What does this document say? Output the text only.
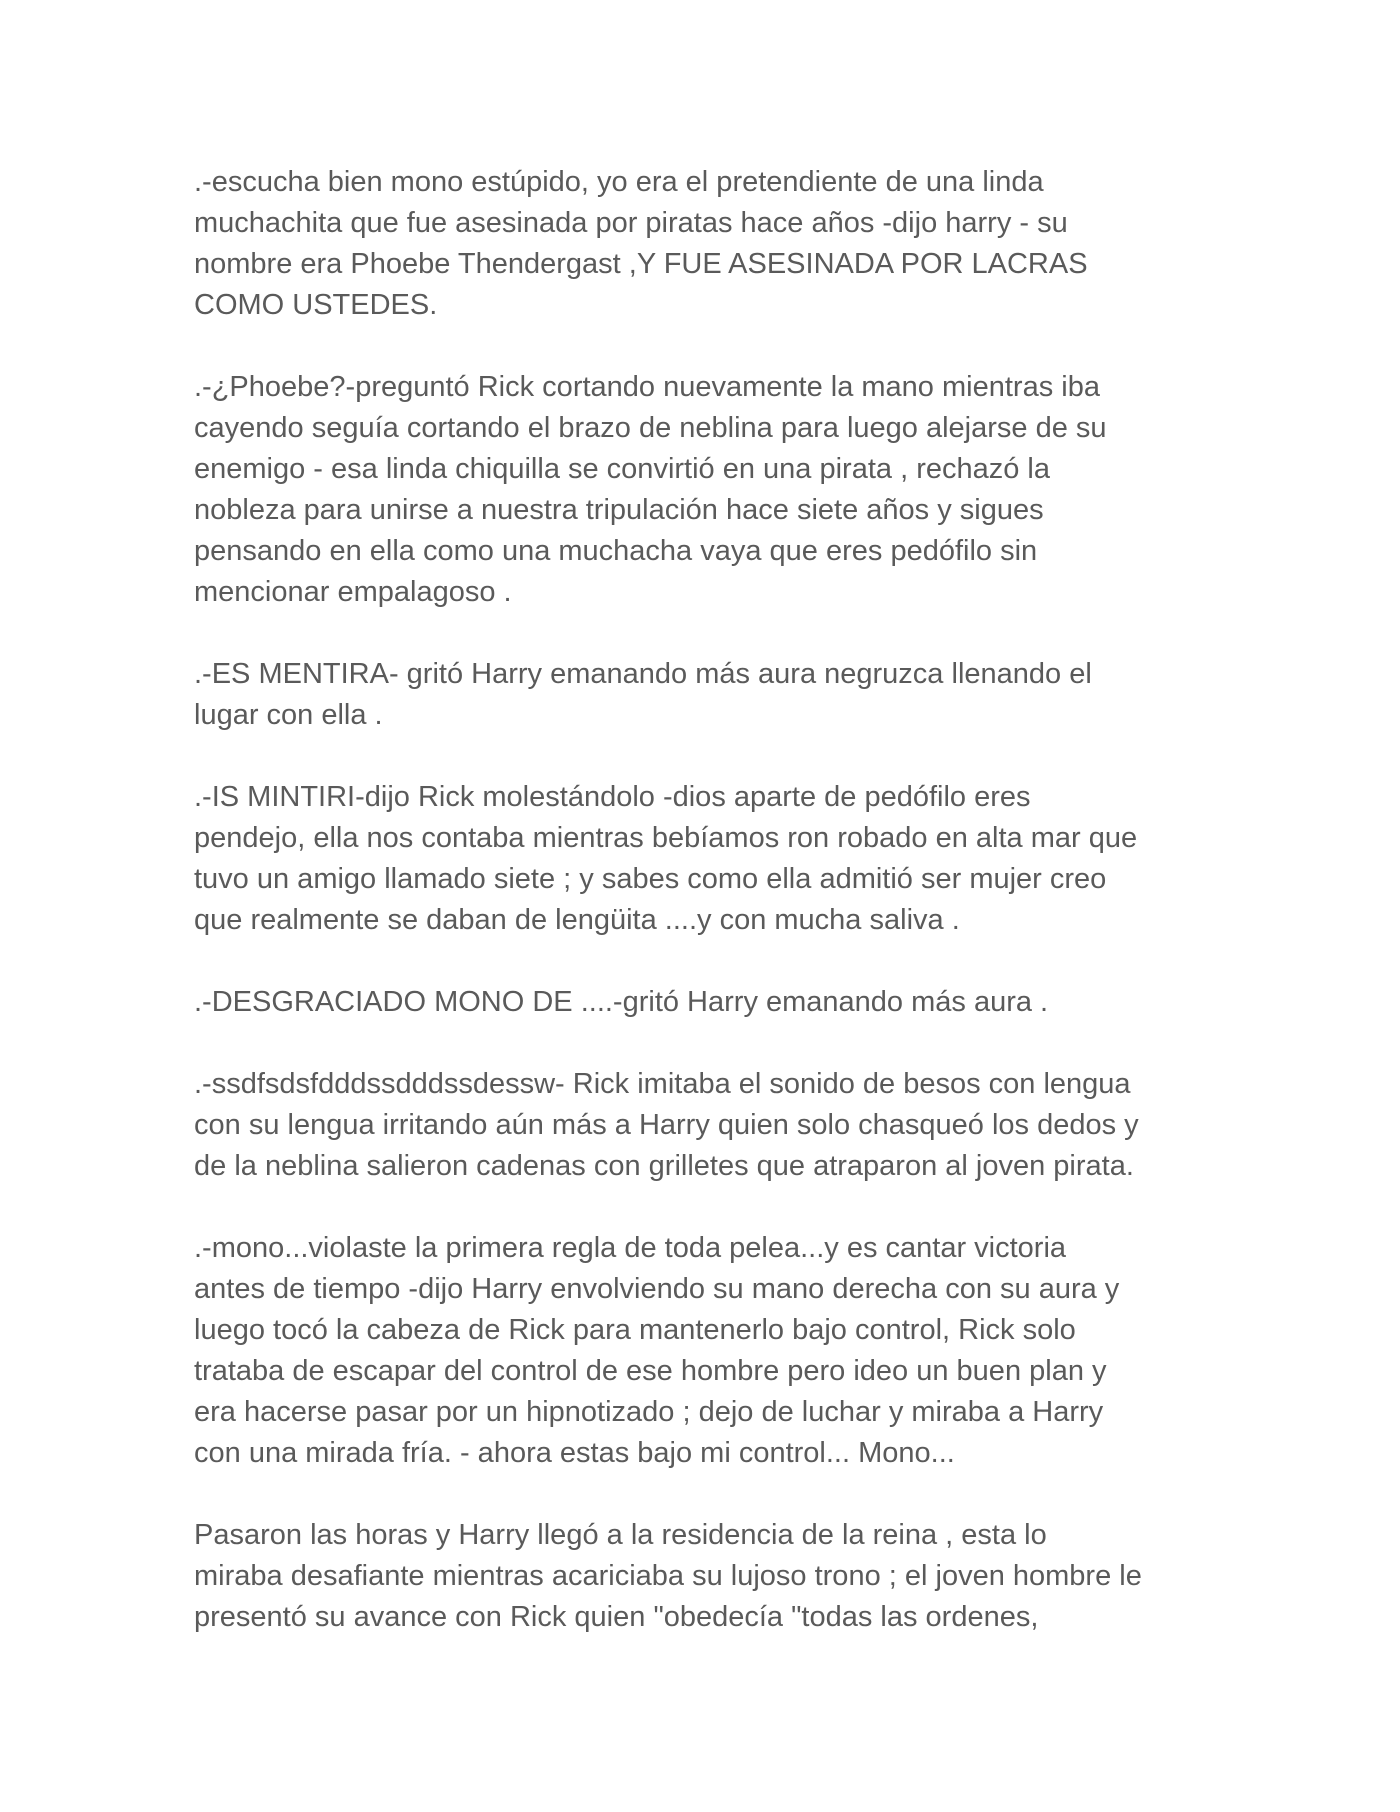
.-escucha bien mono estúpido, yo era el pretendiente de una linda
muchachita que fue asesinada por piratas hace años -dijo harry - su
nombre era Phoebe Thendergast ,Y FUE ASESINADA POR LACRAS
COMO USTEDES.

.-¿Phoebe?-preguntó Rick cortando nuevamente la mano mientras iba
cayendo seguía cortando el brazo de neblina para luego alejarse de su
enemigo - esa linda chiquilla se convirtió en una pirata , rechazó la
nobleza para unirse a nuestra tripulación hace siete años y sigues
pensando en ella como una muchacha vaya que eres pedófilo sin
mencionar empalagoso .

.-ES MENTIRA- gritó Harry emanando más aura negruzca llenando el
lugar con ella .

.-IS MINTIRI-dijo Rick molestándolo -dios aparte de pedófilo eres
pendejo, ella nos contaba mientras bebíamos ron robado en alta mar que
tuvo un amigo llamado siete ; y sabes como ella admitió ser mujer creo
que realmente se daban de lengüita ....y con mucha saliva .

.-DESGRACIADO MONO DE ....-gritó Harry emanando más aura .

.-ssdfsdsfdddssdddssdessw- Rick imitaba el sonido de besos con lengua
con su lengua irritando aún más a Harry quien solo chasqueó los dedos y
de la neblina salieron cadenas con grilletes que atraparon al joven pirata.

.-mono...violaste la primera regla de toda pelea...y es cantar victoria
antes de tiempo -dijo Harry envolviendo su mano derecha con su aura y
luego tocó la cabeza de Rick para mantenerlo bajo control, Rick solo
trataba de escapar del control de ese hombre pero ideo un buen plan y
era hacerse pasar por un hipnotizado ; dejo de luchar y miraba a Harry
con una mirada fría. - ahora estas bajo mi control... Mono...

Pasaron las horas y Harry llegó a la residencia de la reina , esta lo
miraba desafiante mientras acariciaba su lujoso trono ; el joven hombre le
presentó su avance con Rick quien "obedecía "todas las ordenes,
